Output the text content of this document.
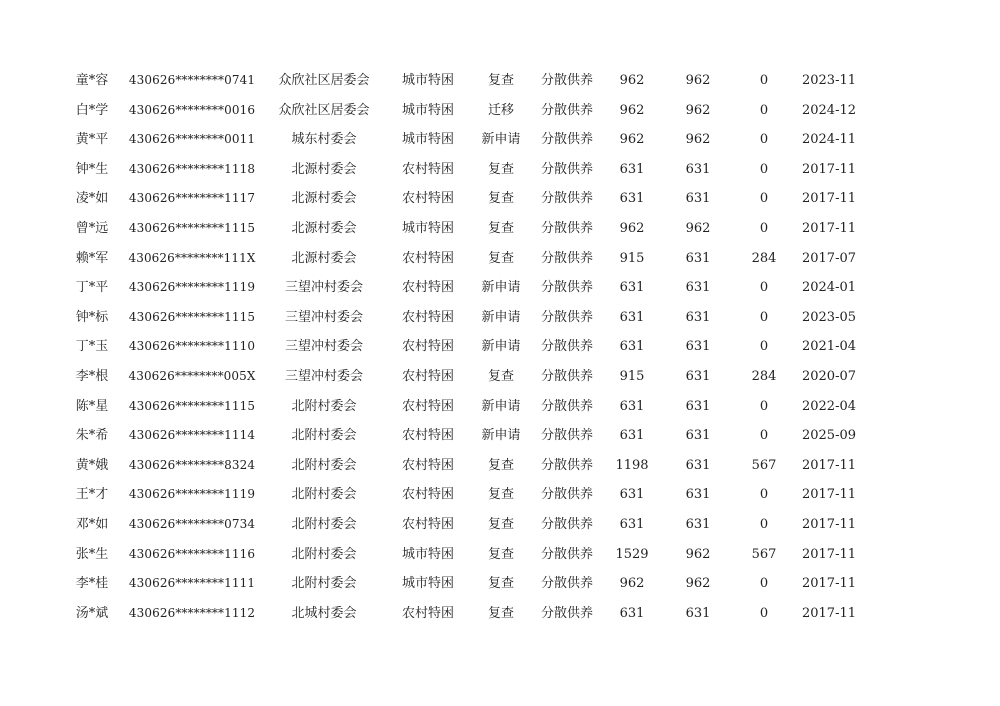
童*容	430626********0741	众欣社区居委会	城市特困	复查	分散供养	962	962	0	2023-11
白*学	430626********0016	众欣社区居委会	城市特困	迁移	分散供养	962	962	0	2024-12
黄*平	430626********0011	城东村委会	城市特困	新申请	分散供养	962	962	0	2024-11
钟*生	430626********1118	北源村委会	农村特困	复查	分散供养	631	631	0	2017-11
凌*如	430626********1117	北源村委会	农村特困	复查	分散供养	631	631	0	2017-11
曾*远	430626********1115	北源村委会	城市特困	复查	分散供养	962	962	0	2017-11
赖*军	430626********111X	北源村委会	农村特困	复查	分散供养	915	631	284	2017-07
丁*平	430626********1119	三望冲村委会	农村特困	新申请	分散供养	631	631	0	2024-01
钟*标	430626********1115	三望冲村委会	农村特困	新申请	分散供养	631	631	0	2023-05
丁*玉	430626********1110	三望冲村委会	农村特困	新申请	分散供养	631	631	0	2021-04
李*根	430626********005X	三望冲村委会	农村特困	复查	分散供养	915	631	284	2020-07
陈*星	430626********1115	北附村委会	农村特困	新申请	分散供养	631	631	0	2022-04
朱*希	430626********1114	北附村委会	农村特困	新申请	分散供养	631	631	0	2025-09
黄*娥	430626********8324	北附村委会	农村特困	复查	分散供养	1198	631	567	2017-11
王*才	430626********1119	北附村委会	农村特困	复查	分散供养	631	631	0	2017-11
邓*如	430626********0734	北附村委会	农村特困	复查	分散供养	631	631	0	2017-11
张*生	430626********1116	北附村委会	城市特困	复查	分散供养	1529	962	567	2017-11
李*桂	430626********1111	北附村委会	城市特困	复查	分散供养	962	962	0	2017-11
汤*斌	430626********1112	北城村委会	农村特困	复查	分散供养	631	631	0	2017-11
